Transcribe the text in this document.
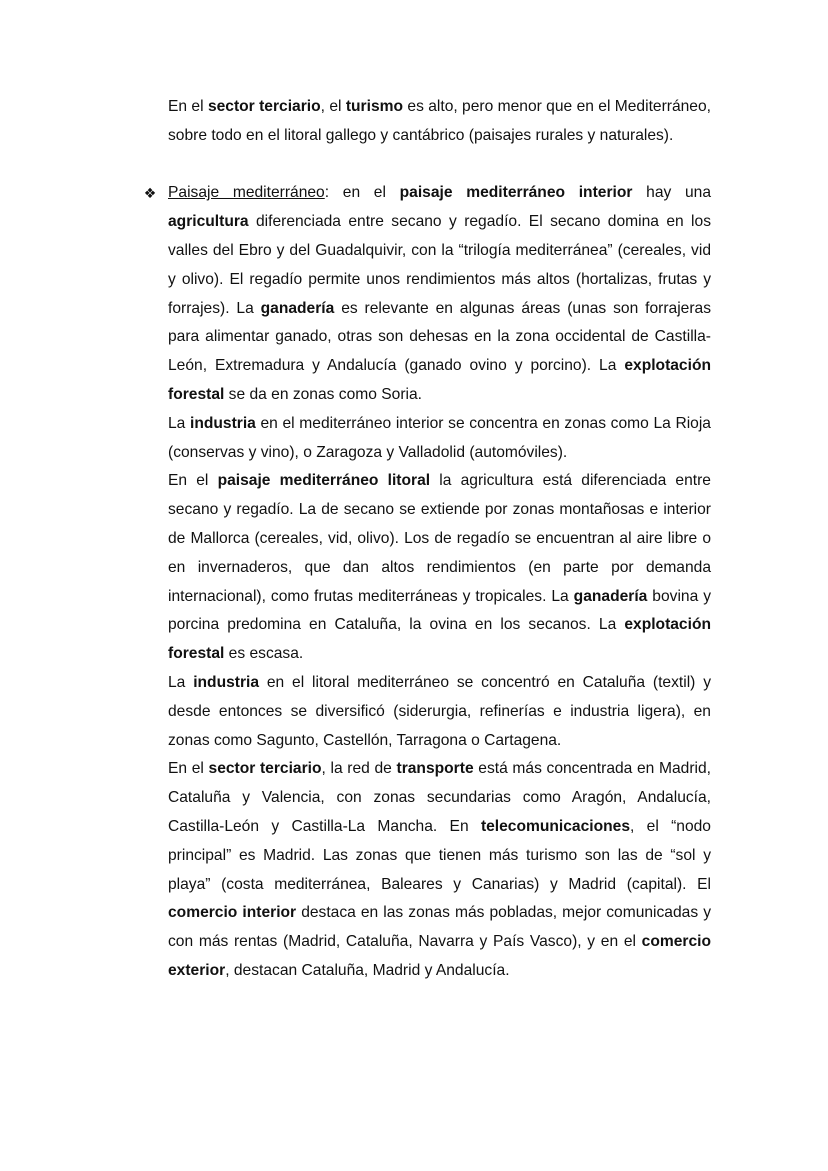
En el sector terciario, el turismo es alto, pero menor que en el Mediterráneo, sobre todo en el litoral gallego y cantábrico (paisajes rurales y naturales).

❖ Paisaje mediterráneo: en el paisaje mediterráneo interior hay una agricultura diferenciada entre secano y regadío. El secano domina en los valles del Ebro y del Guadalquivir, con la “trilogía mediterránea” (cereales, vid y olivo). El regadío permite unos rendimientos más altos (hortalizas, frutas y forrajes). La ganadería es relevante en algunas áreas (unas son forrajeras para alimentar ganado, otras son dehesas en la zona occidental de Castilla-León, Extremadura y Andalucía (ganado ovino y porcino). La explotación forestal se da en zonas como Soria.

La industria en el mediterráneo interior se concentra en zonas como La Rioja (conservas y vino), o Zaragoza y Valladolid (automóviles).

En el paisaje mediterráneo litoral la agricultura está diferenciada entre secano y regadío. La de secano se extiende por zonas montañosas e interior de Mallorca (cereales, vid, olivo). Los de regadío se encuentran al aire libre o en invernaderos, que dan altos rendimientos (en parte por demanda internacional), como frutas mediterráneas y tropicales. La ganadería bovina y porcina predomina en Cataluña, la ovina en los secanos. La explotación forestal es escasa.

La industria en el litoral mediterráneo se concentró en Cataluña (textil) y desde entonces se diversificó (siderurgia, refinerías e industria ligera), en zonas como Sagunto, Castellón, Tarragona o Cartagena.

En el sector terciario, la red de transporte está más concentrada en Madrid, Cataluña y Valencia, con zonas secundarias como Aragón, Andalucía, Castilla-León y Castilla-La Mancha. En telecomunicaciones, el “nodo principal” es Madrid. Las zonas que tienen más turismo son las de “sol y playa” (costa mediterránea, Baleares y Canarias) y Madrid (capital). El comercio interior destaca en las zonas más pobladas, mejor comunicadas y con más rentas (Madrid, Cataluña, Navarra y País Vasco), y en el comercio exterior, destacan Cataluña, Madrid y Andalucía.
